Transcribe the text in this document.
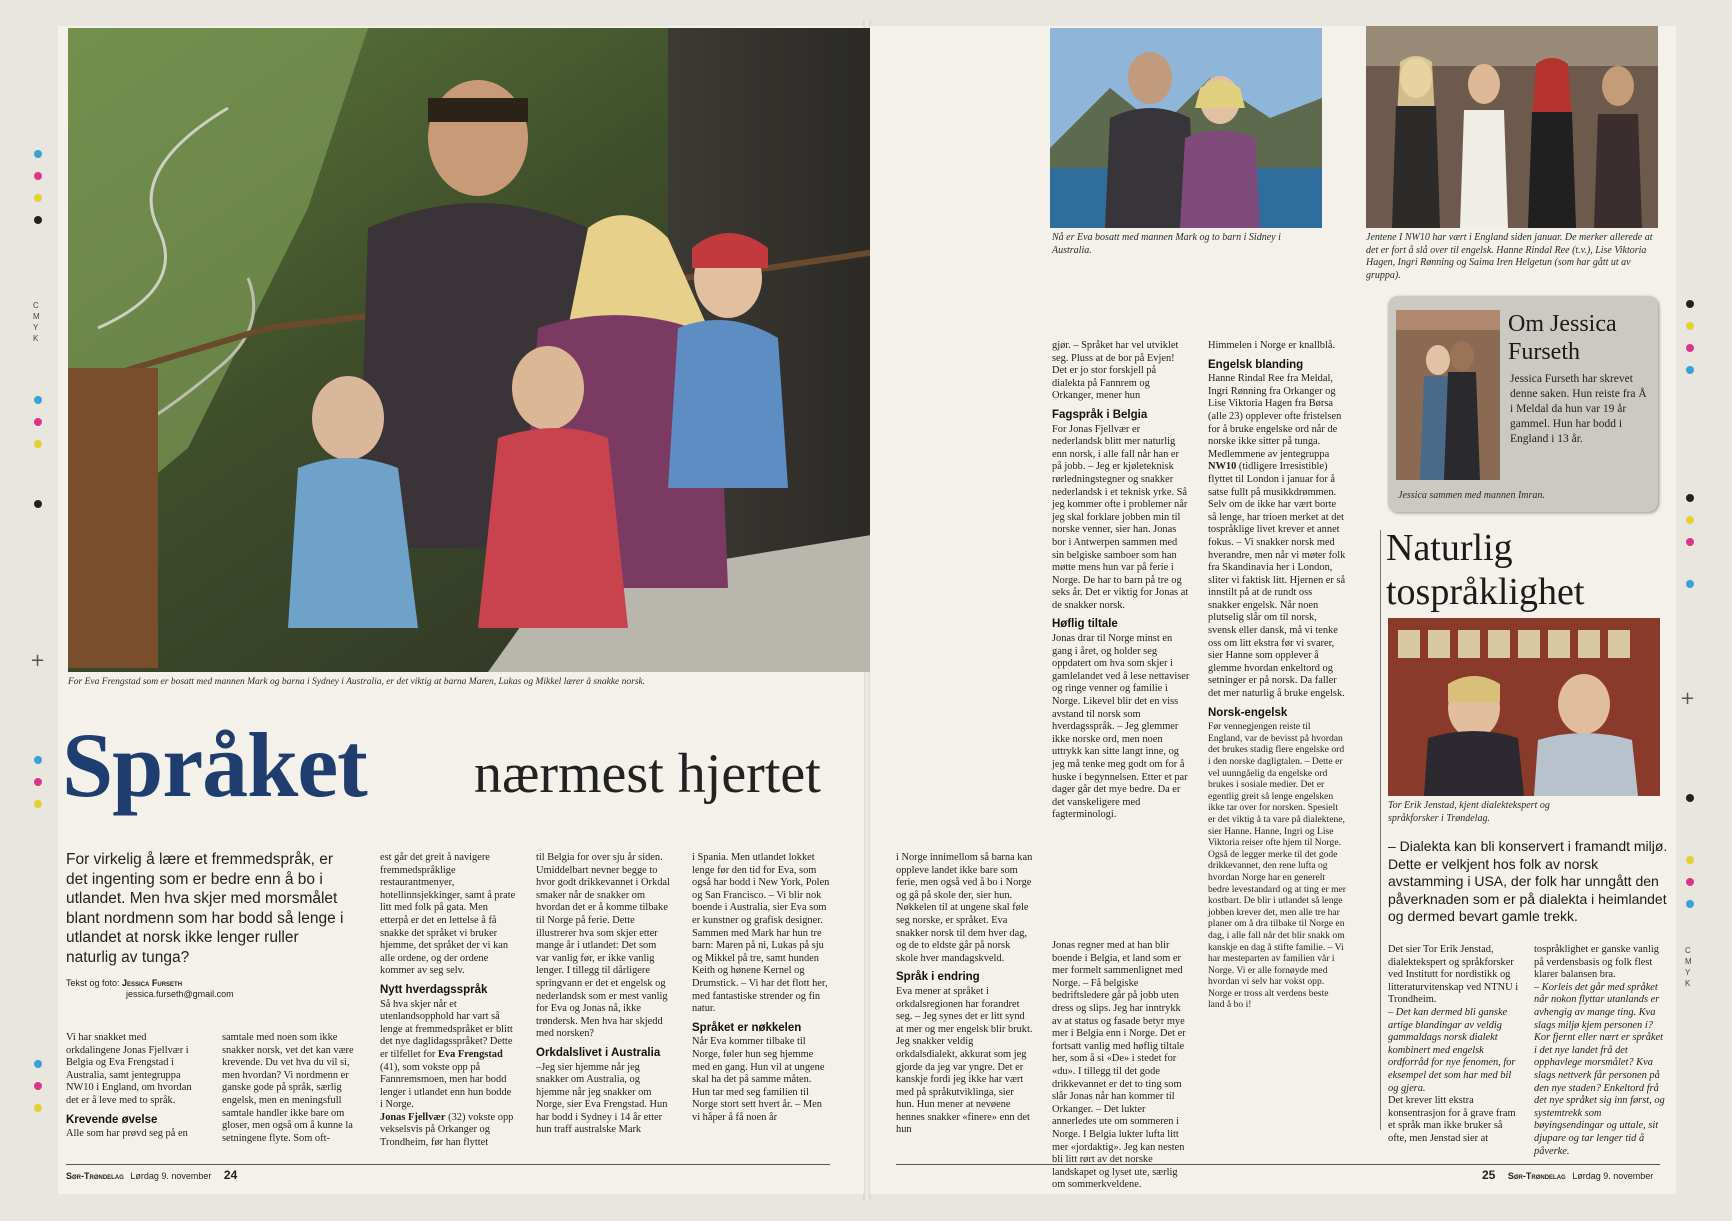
For Eva Frengstad som er bosatt med mannen Mark og barna i Sydney i Australia, er det viktig at barna Maren, Lukas og Mikkel lærer å snakke norsk.
Språket nærmest hjertet
For virkelig å lære et fremmedspråk, er det ingenting som er bedre enn å bo i utlandet. Men hva skjer med morsmålet blant nordmenn som har bodd så lenge i utlandet at norsk ikke lenger ruller naturlig av tunga?
Tekst og foto: Jessica Furseth
jessica.furseth@gmail.com

Vi har snakket med orkdalingene Jonas Fjellvær i Belgia og Eva Frengstad i Australia, samt jentegruppa NW10 i England, om hvordan det er å leve med to språk.

Krevende øvelse

Alle som har prøvd seg på en

samtale med noen som ikke snakker norsk, vet det kan være krevende. Du vet hva du vil si, men hvordan? Vi nordmenn er ganske gode på språk, særlig engelsk, men en meningsfull samtale handler ikke bare om gloser, men også om å kunne la setningene flyte. Som oft-

est går det greit å navigere fremmedspråklige restaurantmenyer, hotellinnsjekkinger, samt å prate litt med folk på gata. Men etterpå er det en lettelse å få snakke det språket vi bruker hjemme, det språket der vi kan alle ordene, og der ordene kommer av seg selv.

Nytt hverdagsspråk

Så hva skjer når et utenlandsopphold har vart så lenge at fremmedspråket er blitt det nye daglidagsspråket? Dette er tilfellet for Eva Frengstad (41), som vokste opp på Fannremsmoen, men har bodd lenger i utlandet enn hun bodde i Norge.

Jonas Fjellvær (32) vokste opp vekselsvis på Orkanger og Trondheim, før han flyttet

til Belgia for over sju år siden. Umiddelbart nevner begge to hvor godt drikkevannet i Orkdal smaker når de snakker om hvordan det er å komme tilbake til Norge på ferie. Dette illustrerer hva som skjer etter mange år i utlandet: Det som var vanlig før, er ikke vanlig lenger. I tillegg til dårligere springvann er det et engelsk og nederlandsk som er mest vanlig for Eva og Jonas nå, ikke trøndersk. Men hva har skjedd med norsken?

Orkdalslivet i Australia

–Jeg sier hjemme når jeg snakker om Australia, og hjemme når jeg snakker om Norge, sier Eva Frengstad. Hun har bodd i Sydney i 14 år etter hun traff australske Mark

i Spania. Men utlandet lokket lenge før den tid for Eva, som også har bodd i New York, Polen og San Francisco. – Vi blir nok boende i Australia, sier Eva som er kunstner og grafisk designer. Sammen med Mark har hun tre barn: Maren på ni, Lukas på sju og Mikkel på tre, samt hunden Keith og hønene Kernel og Drumstick. – Vi har det flott her, med fantastiske strender og fin natur.

Språket er nøkkelen

Når Eva kommer tilbake til Norge, føler hun seg hjemme med en gang. Hun vil at ungene skal ha det på samme måten. Hun tar med seg familien til Norge stort sett hvert år. – Men vi håper å få noen år

Sør-Trøndelag Lørdag 9. november 24
Nå er Eva bosatt med mannen Mark og to barn i Sidney i Australia.
Jentene I NW10 har vært i England siden januar. De merker allerede at det er fort å slå over til engelsk. Hanne Rindal Ree (t.v.), Lise Viktoria Hagen, Ingri Rønning og Saima Iren Helgetun (som har gått ut av gruppa).

gjør. – Språket har vel utviklet seg. Pluss at de bor på Evjen! Det er jo stor forskjell på dialekta på Fannrem og Orkanger, mener hun

Fagspråk i Belgia

For Jonas Fjellvær er nederlandsk blitt mer naturlig enn norsk, i alle fall når han er på jobb. – Jeg er kjøleteknisk rørledningstegner og snakker nederlandsk i et teknisk yrke. Så jeg kommer ofte i problemer når jeg skal forklare jobben min til norske venner, sier han. Jonas bor i Antwerpen sammen med sin belgiske samboer som han møtte mens hun var på ferie i Norge. De har to barn på tre og seks år. Det er viktig for Jonas at de snakker norsk.

Høflig tiltale

Jonas drar til Norge minst en gang i året, og holder seg oppdatert om hva som skjer i gamlelandet ved å lese nettaviser og ringe venner og familie i Norge. Likevel blir det en viss avstand til norsk som hverdagsspråk. – Jeg glemmer ikke norske ord, men noen uttrykk kan sitte langt inne, og jeg må tenke meg godt om for å huske i begynnelsen. Etter et par dager går det mye bedre. Da er det vanskeligere med fagterminologi.

i Norge innimellom så barna kan oppleve landet ikke bare som ferie, men også ved å bo i Norge og gå på skole der, sier hun.

Nøkkelen til at ungene skal føle seg norske, er språket. Eva snakker norsk til dem hver dag, og de to eldste går på norsk skole hver mandagskveld.

Språk i endring

Eva mener at språket i orkdalsregionen har forandret seg. – Jeg synes det er litt synd at mer og mer engelsk blir brukt. Jeg snakker veldig orkdalsdialekt, akkurat som jeg gjorde da jeg var yngre. Det er kanskje fordi jeg ikke har vært med på språkutviklinga, sier hun. Hun mener at nevøene hennes snakker «finere» enn det hun

Jonas regner med at han blir boende i Belgia, et land som er mer formelt sammenlignet med Norge. – Få belgiske bedriftsledere går på jobb uten dress og slips. Jeg har inntrykk av at status og fasade betyr mye mer i Belgia enn i Norge. Det er fortsatt vanlig med høflig tiltale her, som å si «De» i stedet for «du». I tillegg til det gode drikkevannet er det to ting som slår Jonas når han kommer til Orkanger. – Det lukter annerledes ute om sommeren i Norge. I Belgia lukter lufta litt mer «jordaktig». Jeg kan nesten bli litt rørt av det norske landskapet og lyset ute, særlig om sommerkveldene.

Himmelen i Norge er knallblå.

Engelsk blanding

Hanne Rindal Ree fra Meldal, Ingri Rønning fra Orkanger og Lise Viktoria Hagen fra Børsa (alle 23) opplever ofte fristelsen for å bruke engelske ord når de norske ikke sitter på tunga. Medlemmene av jentegruppa NW10 (tidligere Irresistible) flyttet til London i januar for å satse fullt på musikkdrømmen. Selv om de ikke har vært borte så lenge, har trioen merket at det tospråklige livet krever et annet fokus. – Vi snakker norsk med hverandre, men når vi møter folk fra Skandinavia her i London, sliter vi faktisk litt. Hjernen er så innstilt på at de rundt oss snakker engelsk. Når noen plutselig slår om til norsk, svensk eller dansk, må vi tenke oss om litt ekstra før vi svarer, sier Hanne som opplever å glemme hvordan enkeltord og setninger er på norsk. Da faller det mer naturlig å bruke engelsk.

Norsk-engelsk

Før vennegjengen reiste til England, var de bevisst på hvordan det brukes stadig flere engelske ord i den norske dagligtalen. – Dette er vel uunngåelig da engelske ord brukes i sosiale medier. Det er egentlig greit så lenge engelsken ikke tar over for norsken. Spesielt er det viktig å ta vare på dialektene, sier Hanne. Hanne, Ingri og Lise Viktoria reiser ofte hjem til Norge. Også de legger merke til det gode drikkevannet, den rene lufta og hvordan Norge har en generelt bedre levestandard og at ting er mer kostbart. De blir i utlandet så lenge jobben krever det, men alle tre har planer om å dra tilbake til Norge en dag, i alle fall når det blir snakk om kanskje en dag å stifte familie. – Vi har mesteparten av familien vår i Norge. Vi er alle fornøyde med hvordan vi selv har vokst opp. Norge er tross alt verdens beste land å bo i!

Om Jessica Furseth
Jessica Furseth har skrevet denne saken. Hun reiste fra Å i Meldal da hun var 19 år gammel. Hun har bodd i England i 13 år.
Jessica sammen med mannen Imran.
Naturlig tospråklighet
Tor Erik Jenstad, kjent dialektekspert og språkforsker i Trøndelag.
– Dialekta kan bli konservert i framandt miljø. Dette er velkjent hos folk av norsk avstamming i USA, der folk har unngått den påverknaden som er på dialekta i heimlandet og dermed bevart gamle trekk.

Det sier Tor Erik Jenstad, dialektekspert og språkforsker ved Institutt for nordistikk og litteraturvitenskap ved NTNU i Trondheim.

– Det kan dermed bli ganske artige blandingar av veldig gammaldags norsk dialekt kombinert med engelsk ordforråd for nye fenomen, for eksempel det som har med bil og gjera.

Det krever litt ekstra konsentrasjon for å grave fram et språk man ikke bruker så ofte, men Jenstad sier at

tospråklighet er ganske vanlig på verdensbasis og folk flest klarer balansen bra.

– Korleis det går med språket når nokon flyttar utanlands er avhengig av mange ting. Kva slags miljø kjem personen i? Kor fjernt eller nært er språket i det nye landet frå det opphavlege morsmålet? Kva slags nettverk får personen på den nye staden? Enkeltord frå det nye språket sig inn først, og systemtrekk som bøyingsendingar og uttale, sit djupare og tar lenger tid å påverke.

25 Sør-Trøndelag Lørdag 9. november
CMYK
+
+
CMYK
